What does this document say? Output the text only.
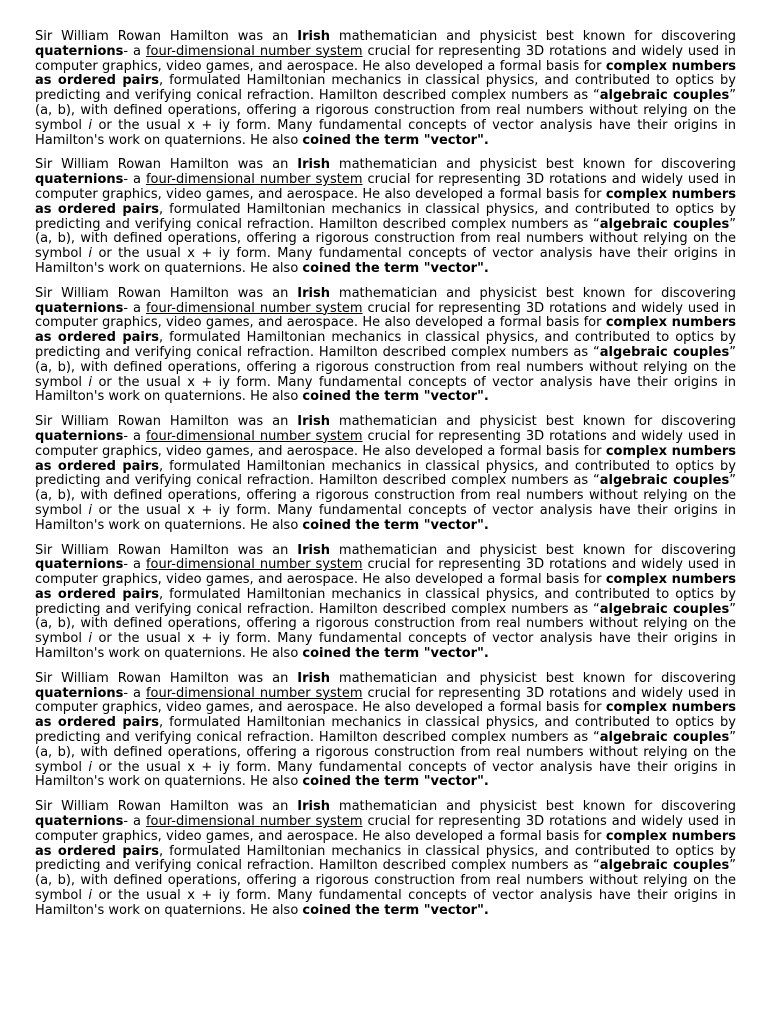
Sir William Rowan Hamilton was an Irish mathematician and physicist best known for discovering quaternions- a four-dimensional number system crucial for representing 3D rotations and widely used in computer graphics, video games, and aerospace. He also developed a formal basis for complex numbers as ordered pairs, formulated Hamiltonian mechanics in classical physics, and contributed to optics by predicting and verifying conical refraction. Hamilton described complex numbers as “algebraic couples” (a, b), with defined operations, offering a rigorous construction from real numbers without relying on the symbol i or the usual x + iy form. Many fundamental concepts of vector analysis have their origins in Hamilton's work on quaternions. He also coined the term "vector".

Sir William Rowan Hamilton was an Irish mathematician and physicist best known for discovering quaternions- a four-dimensional number system crucial for representing 3D rotations and widely used in computer graphics, video games, and aerospace. He also developed a formal basis for complex numbers as ordered pairs, formulated Hamiltonian mechanics in classical physics, and contributed to optics by predicting and verifying conical refraction. Hamilton described complex numbers as “algebraic couples” (a, b), with defined operations, offering a rigorous construction from real numbers without relying on the symbol i or the usual x + iy form. Many fundamental concepts of vector analysis have their origins in Hamilton's work on quaternions. He also coined the term "vector".

Sir William Rowan Hamilton was an Irish mathematician and physicist best known for discovering quaternions- a four-dimensional number system crucial for representing 3D rotations and widely used in computer graphics, video games, and aerospace. He also developed a formal basis for complex numbers as ordered pairs, formulated Hamiltonian mechanics in classical physics, and contributed to optics by predicting and verifying conical refraction. Hamilton described complex numbers as “algebraic couples” (a, b), with defined operations, offering a rigorous construction from real numbers without relying on the symbol i or the usual x + iy form. Many fundamental concepts of vector analysis have their origins in Hamilton's work on quaternions. He also coined the term "vector".

Sir William Rowan Hamilton was an Irish mathematician and physicist best known for discovering quaternions- a four-dimensional number system crucial for representing 3D rotations and widely used in computer graphics, video games, and aerospace. He also developed a formal basis for complex numbers as ordered pairs, formulated Hamiltonian mechanics in classical physics, and contributed to optics by predicting and verifying conical refraction. Hamilton described complex numbers as “algebraic couples” (a, b), with defined operations, offering a rigorous construction from real numbers without relying on the symbol i or the usual x + iy form. Many fundamental concepts of vector analysis have their origins in Hamilton's work on quaternions. He also coined the term "vector".

Sir William Rowan Hamilton was an Irish mathematician and physicist best known for discovering quaternions- a four-dimensional number system crucial for representing 3D rotations and widely used in computer graphics, video games, and aerospace. He also developed a formal basis for complex numbers as ordered pairs, formulated Hamiltonian mechanics in classical physics, and contributed to optics by predicting and verifying conical refraction. Hamilton described complex numbers as “algebraic couples” (a, b), with defined operations, offering a rigorous construction from real numbers without relying on the symbol i or the usual x + iy form. Many fundamental concepts of vector analysis have their origins in Hamilton's work on quaternions. He also coined the term "vector".

Sir William Rowan Hamilton was an Irish mathematician and physicist best known for discovering quaternions- a four-dimensional number system crucial for representing 3D rotations and widely used in computer graphics, video games, and aerospace. He also developed a formal basis for complex numbers as ordered pairs, formulated Hamiltonian mechanics in classical physics, and contributed to optics by predicting and verifying conical refraction. Hamilton described complex numbers as “algebraic couples” (a, b), with defined operations, offering a rigorous construction from real numbers without relying on the symbol i or the usual x + iy form. Many fundamental concepts of vector analysis have their origins in Hamilton's work on quaternions. He also coined the term "vector".

Sir William Rowan Hamilton was an Irish mathematician and physicist best known for discovering quaternions- a four-dimensional number system crucial for representing 3D rotations and widely used in computer graphics, video games, and aerospace. He also developed a formal basis for complex numbers as ordered pairs, formulated Hamiltonian mechanics in classical physics, and contributed to optics by predicting and verifying conical refraction. Hamilton described complex numbers as “algebraic couples” (a, b), with defined operations, offering a rigorous construction from real numbers without relying on the symbol i or the usual x + iy form. Many fundamental concepts of vector analysis have their origins in Hamilton's work on quaternions. He also coined the term "vector".
